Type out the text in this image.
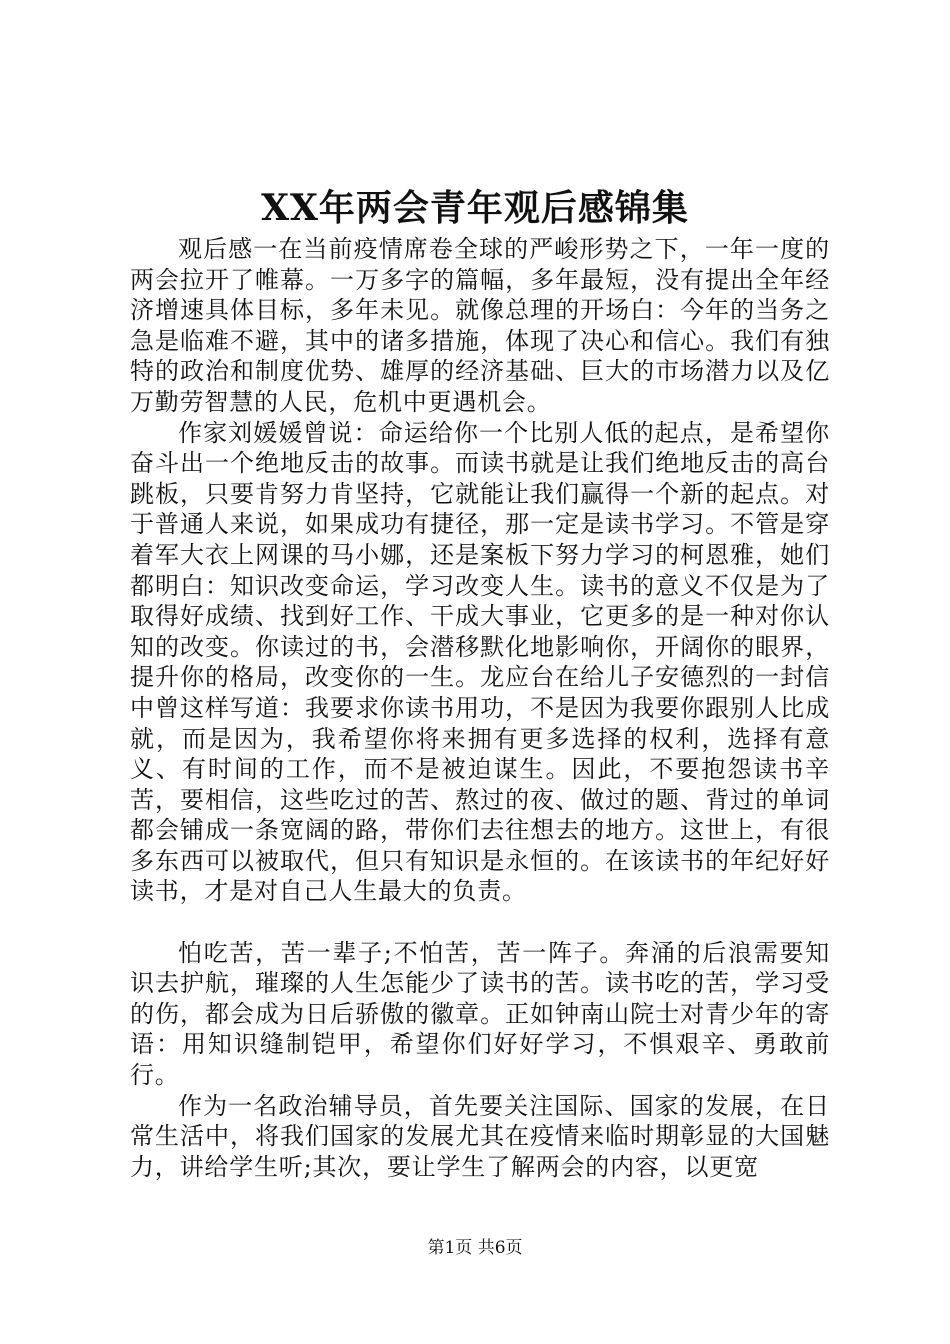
XX年两会青年观后感锦集

观后感一在当前疫情席卷全球的严峻形势之下，一年一度的两会拉开了帷幕。一万多字的篇幅，多年最短，没有提出全年经济增速具体目标，多年未见。就像总理的开场白：今年的当务之急是临难不避，其中的诸多措施，体现了决心和信心。我们有独特的政治和制度优势、雄厚的经济基础、巨大的市场潜力以及亿万勤劳智慧的人民，危机中更遇机会。

作家刘媛媛曾说：命运给你一个比别人低的起点，是希望你奋斗出一个绝地反击的故事。而读书就是让我们绝地反击的高台跳板，只要肯努力肯坚持，它就能让我们赢得一个新的起点。对于普通人来说，如果成功有捷径，那一定是读书学习。不管是穿着军大衣上网课的马小娜，还是案板下努力学习的柯恩雅，她们都明白：知识改变命运，学习改变人生。读书的意义不仅是为了取得好成绩、找到好工作、干成大事业，它更多的是一种对你认知的改变。你读过的书，会潜移默化地影响你，开阔你的眼界，提升你的格局，改变你的一生。龙应台在给儿子安德烈的一封信中曾这样写道：我要求你读书用功，不是因为我要你跟别人比成就，而是因为，我希望你将来拥有更多选择的权利，选择有意义、有时间的工作，而不是被迫谋生。因此，不要抱怨读书辛苦，要相信，这些吃过的苦、熬过的夜、做过的题、背过的单词都会铺成一条宽阔的路，带你们去往想去的地方。这世上，有很多东西可以被取代，但只有知识是永恒的。在该读书的年纪好好读书，才是对自己人生最大的负责。

怕吃苦，苦一辈子;不怕苦，苦一阵子。奔涌的后浪需要知识去护航，璀璨的人生怎能少了读书的苦。读书吃的苦，学习受的伤，都会成为日后骄傲的徽章。正如钟南山院士对青少年的寄语：用知识缝制铠甲，希望你们好好学习，不惧艰辛、勇敢前行。

作为一名政治辅导员，首先要关注国际、国家的发展，在日常生活中，将我们国家的发展尤其在疫情来临时期彰显的大国魅力，讲给学生听;其次，要让学生了解两会的内容，以更宽

第1页 共6页
